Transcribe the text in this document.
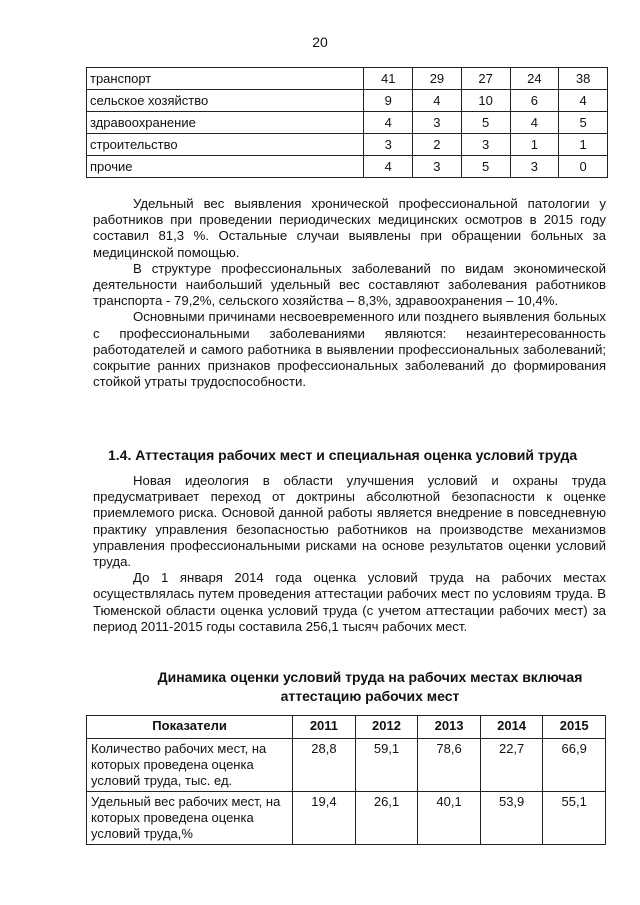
20
транспорт	41	29	27	24	38
сельское хозяйство	9	4	10	6	4
здравоохранение	4	3	5	4	5
строительство	3	2	3	1	1
прочие	4	3	5	3	0

Удельный вес выявления хронической профессиональной патологии у работников при проведении периодических медицинских осмотров в 2015 году составил 81,3 %. Остальные случаи выявлены при обращении больных за медицинской помощью.

В структуре профессиональных заболеваний по видам экономической деятельности наибольший удельный вес составляют заболевания работников транспорта - 79,2%, сельского хозяйства – 8,3%, здравоохранения – 10,4%.

Основными причинами несвоевременного или позднего выявления больных с профессиональными заболеваниями являются: незаинтересованность работодателей и самого работника в выявлении профессиональных заболеваний; сокрытие ранних признаков профессиональных заболеваний до формирования стойкой утраты трудоспособности.

1.4. Аттестация рабочих мест и специальная оценка условий труда

Новая идеология в области улучшения условий и охраны труда предусматривает переход от доктрины абсолютной безопасности к оценке приемлемого риска. Основой данной работы является внедрение в повседневную практику управления безопасностью работников на производстве механизмов управления профессиональными рисками на основе результатов оценки условий труда.

До 1 января 2014 года оценка условий труда на рабочих местах осуществлялась путем проведения аттестации рабочих мест по условиям труда. В Тюменской области оценка условий труда (с учетом аттестации рабочих мест) за период 2011-2015 годы составила 256,1 тысяч рабочих мест.

Динамика оценки условий труда на рабочих местах включая
аттестацию рабочих мест
Показатели	2011	2012	2013	2014	2015
Количество рабочих мест, на которых проведена оценка условий труда, тыс. ед.	28,8	59,1	78,6	22,7	66,9
Удельный вес рабочих мест, на которых проведена оценка условий труда,%	19,4	26,1	40,1	53,9	55,1
